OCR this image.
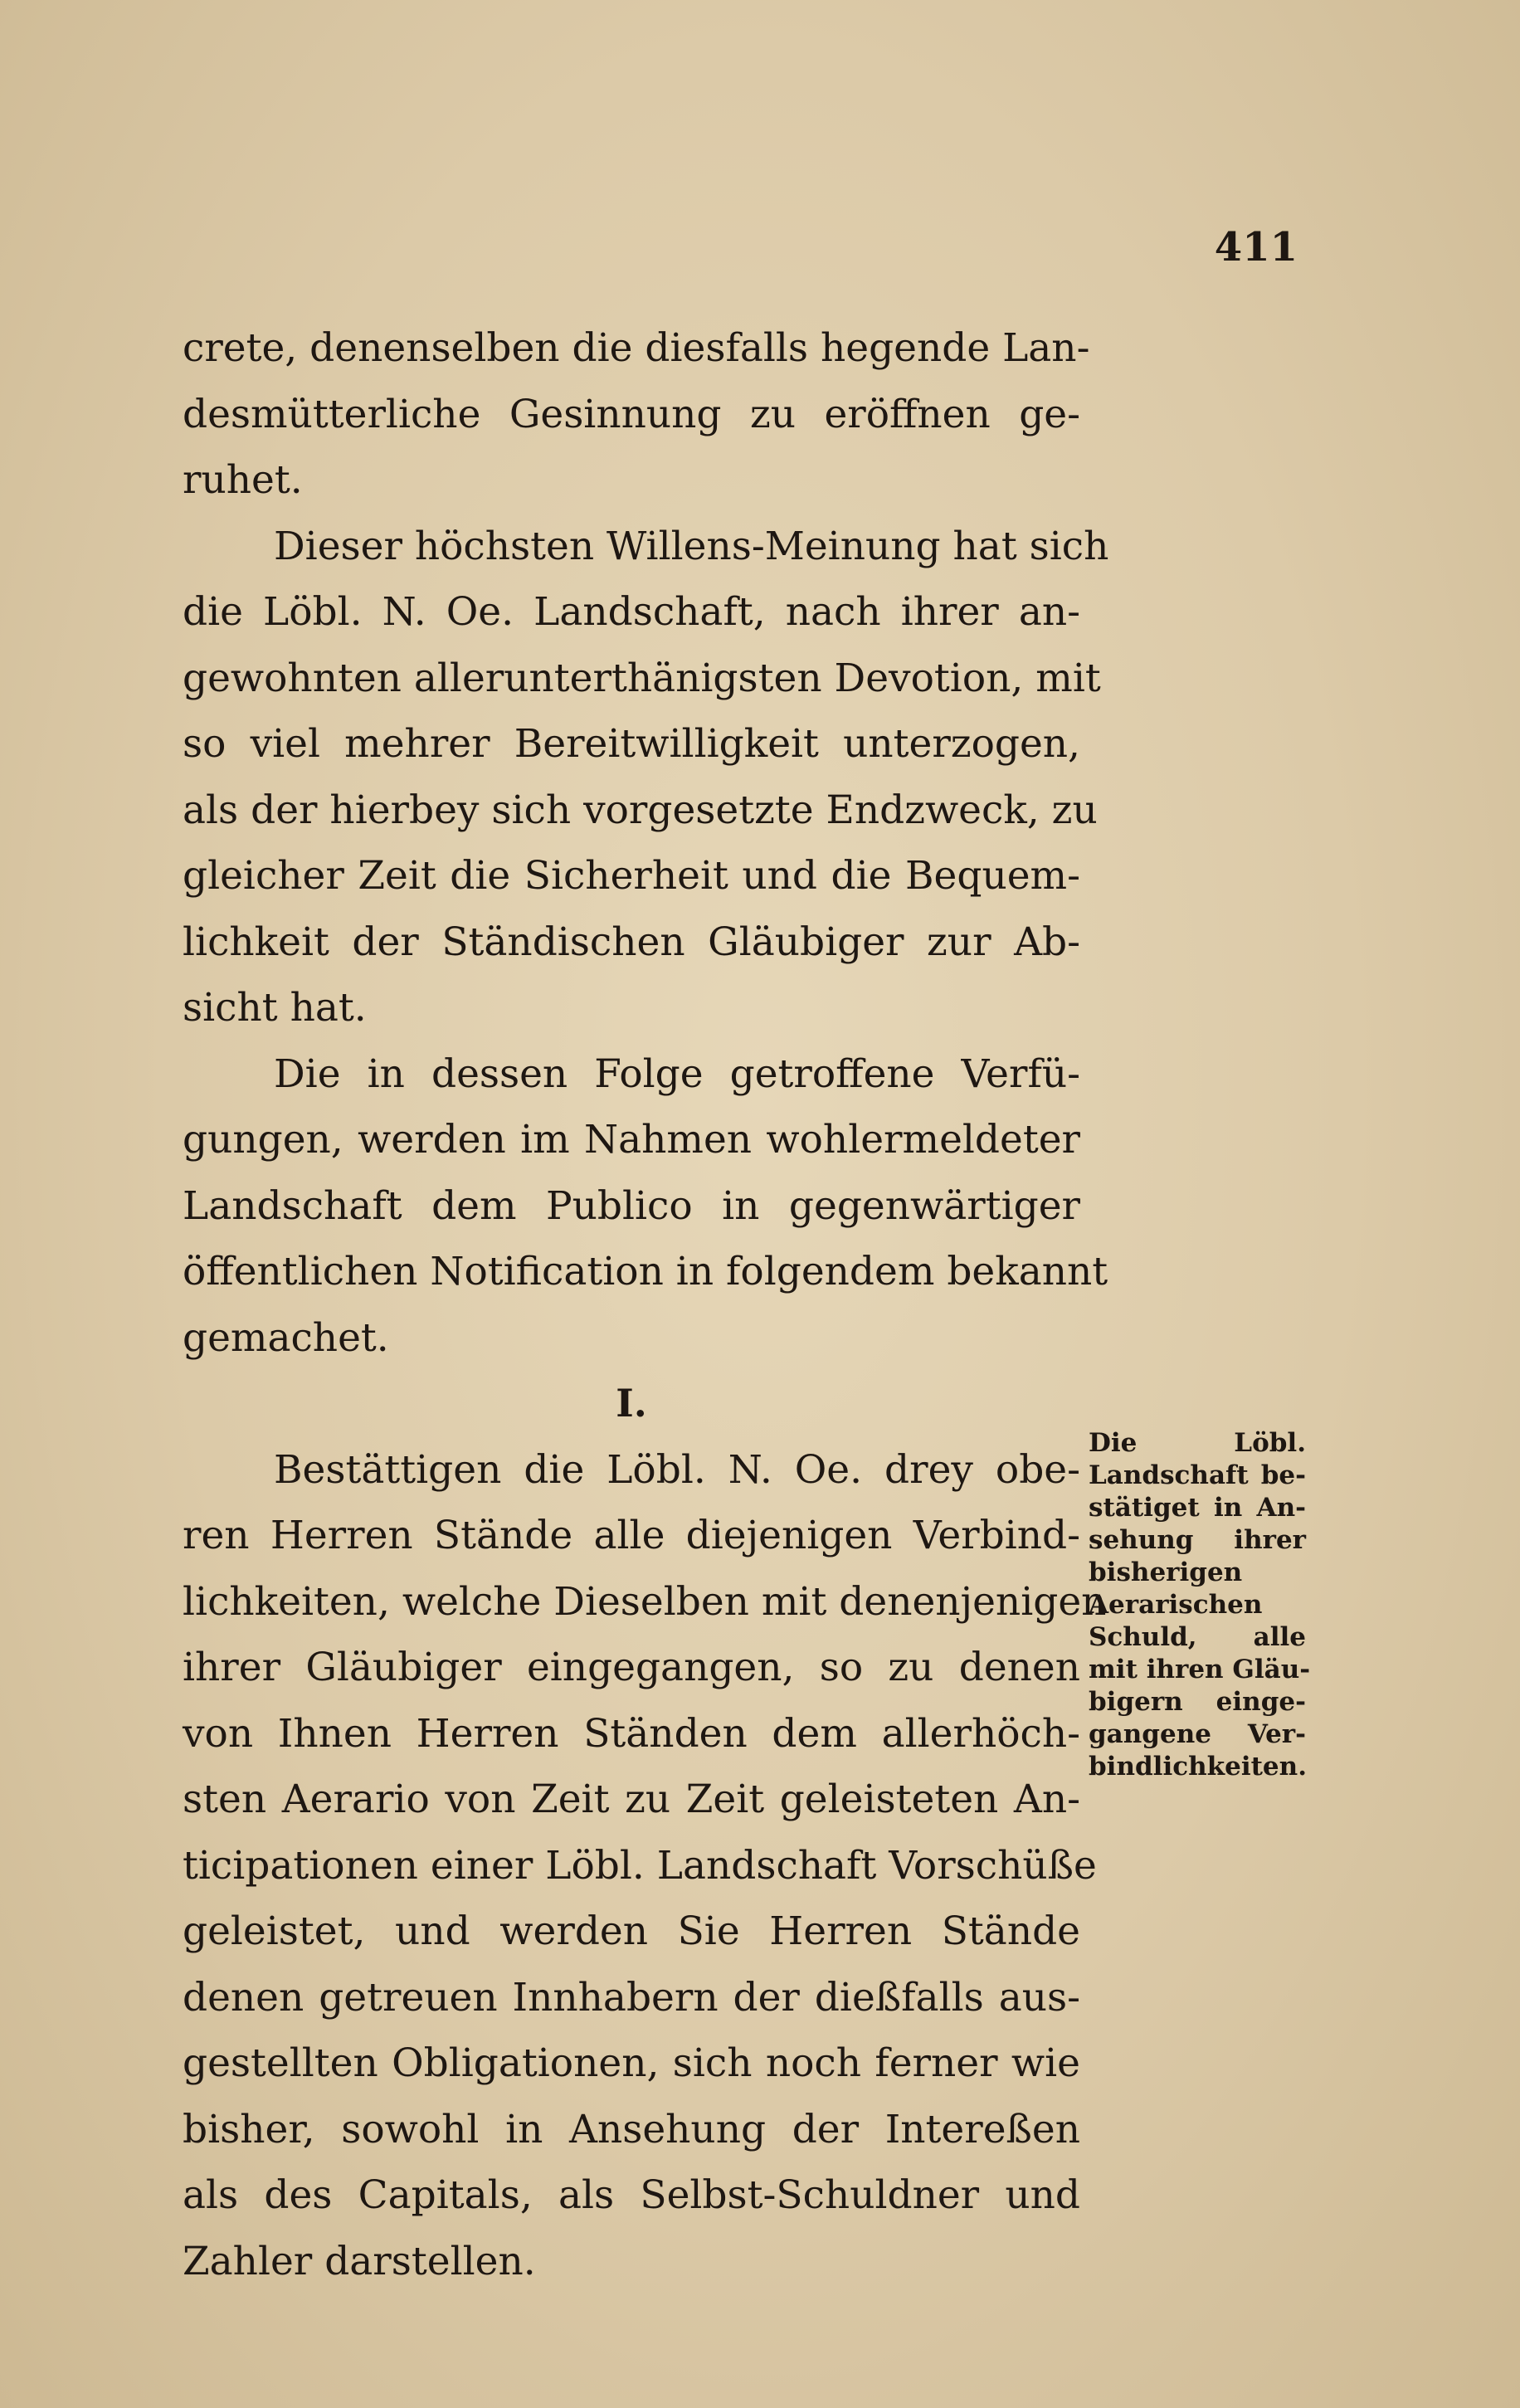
411
crete, denenselben die diesfalls hegende Lan-
desmütterliche Gesinnung zu eröffnen ge-
ruhet.
Dieser höchsten Willens-Meinung hat sich
die Löbl. N. Oe. Landschaft, nach ihrer an-
gewohnten allerunterthänigsten Devotion, mit
so viel mehrer Bereitwilligkeit unterzogen,
als der hierbey sich vorgesetzte Endzweck, zu
gleicher Zeit die Sicherheit und die Bequem-
lichkeit der Ständischen Gläubiger zur Ab-
sicht hat.
Die in dessen Folge getroffene Verfü-
gungen, werden im Nahmen wohlermeldeter
Landschaft dem Publico in gegenwärtiger
öffentlichen Notification in folgendem bekannt
gemachet.
I.
Bestättigen die Löbl. N. Oe. drey obe-
ren Herren Stände alle diejenigen Verbind-
lichkeiten, welche Dieselben mit denenjenigen
ihrer Gläubiger eingegangen, so zu denen
von Ihnen Herren Ständen dem allerhöch-
sten Aerario von Zeit zu Zeit geleisteten An-
ticipationen einer Löbl. Landschaft Vorschüße
geleistet, und werden Sie Herren Stände
denen getreuen Innhabern der dießfalls aus-
gestellten Obligationen, sich noch ferner wie
bisher, sowohl in Ansehung der Intereßen
als des Capitals, als Selbst-Schuldner und
Zahler darstellen.
Die Löbl.
Landschaft be-
stätiget in An-
sehung ihrer
bisherigen
Aerarischen
Schuld, alle
mit ihren Gläu-
bigern einge-
gangene Ver-
bindlichkeiten.
